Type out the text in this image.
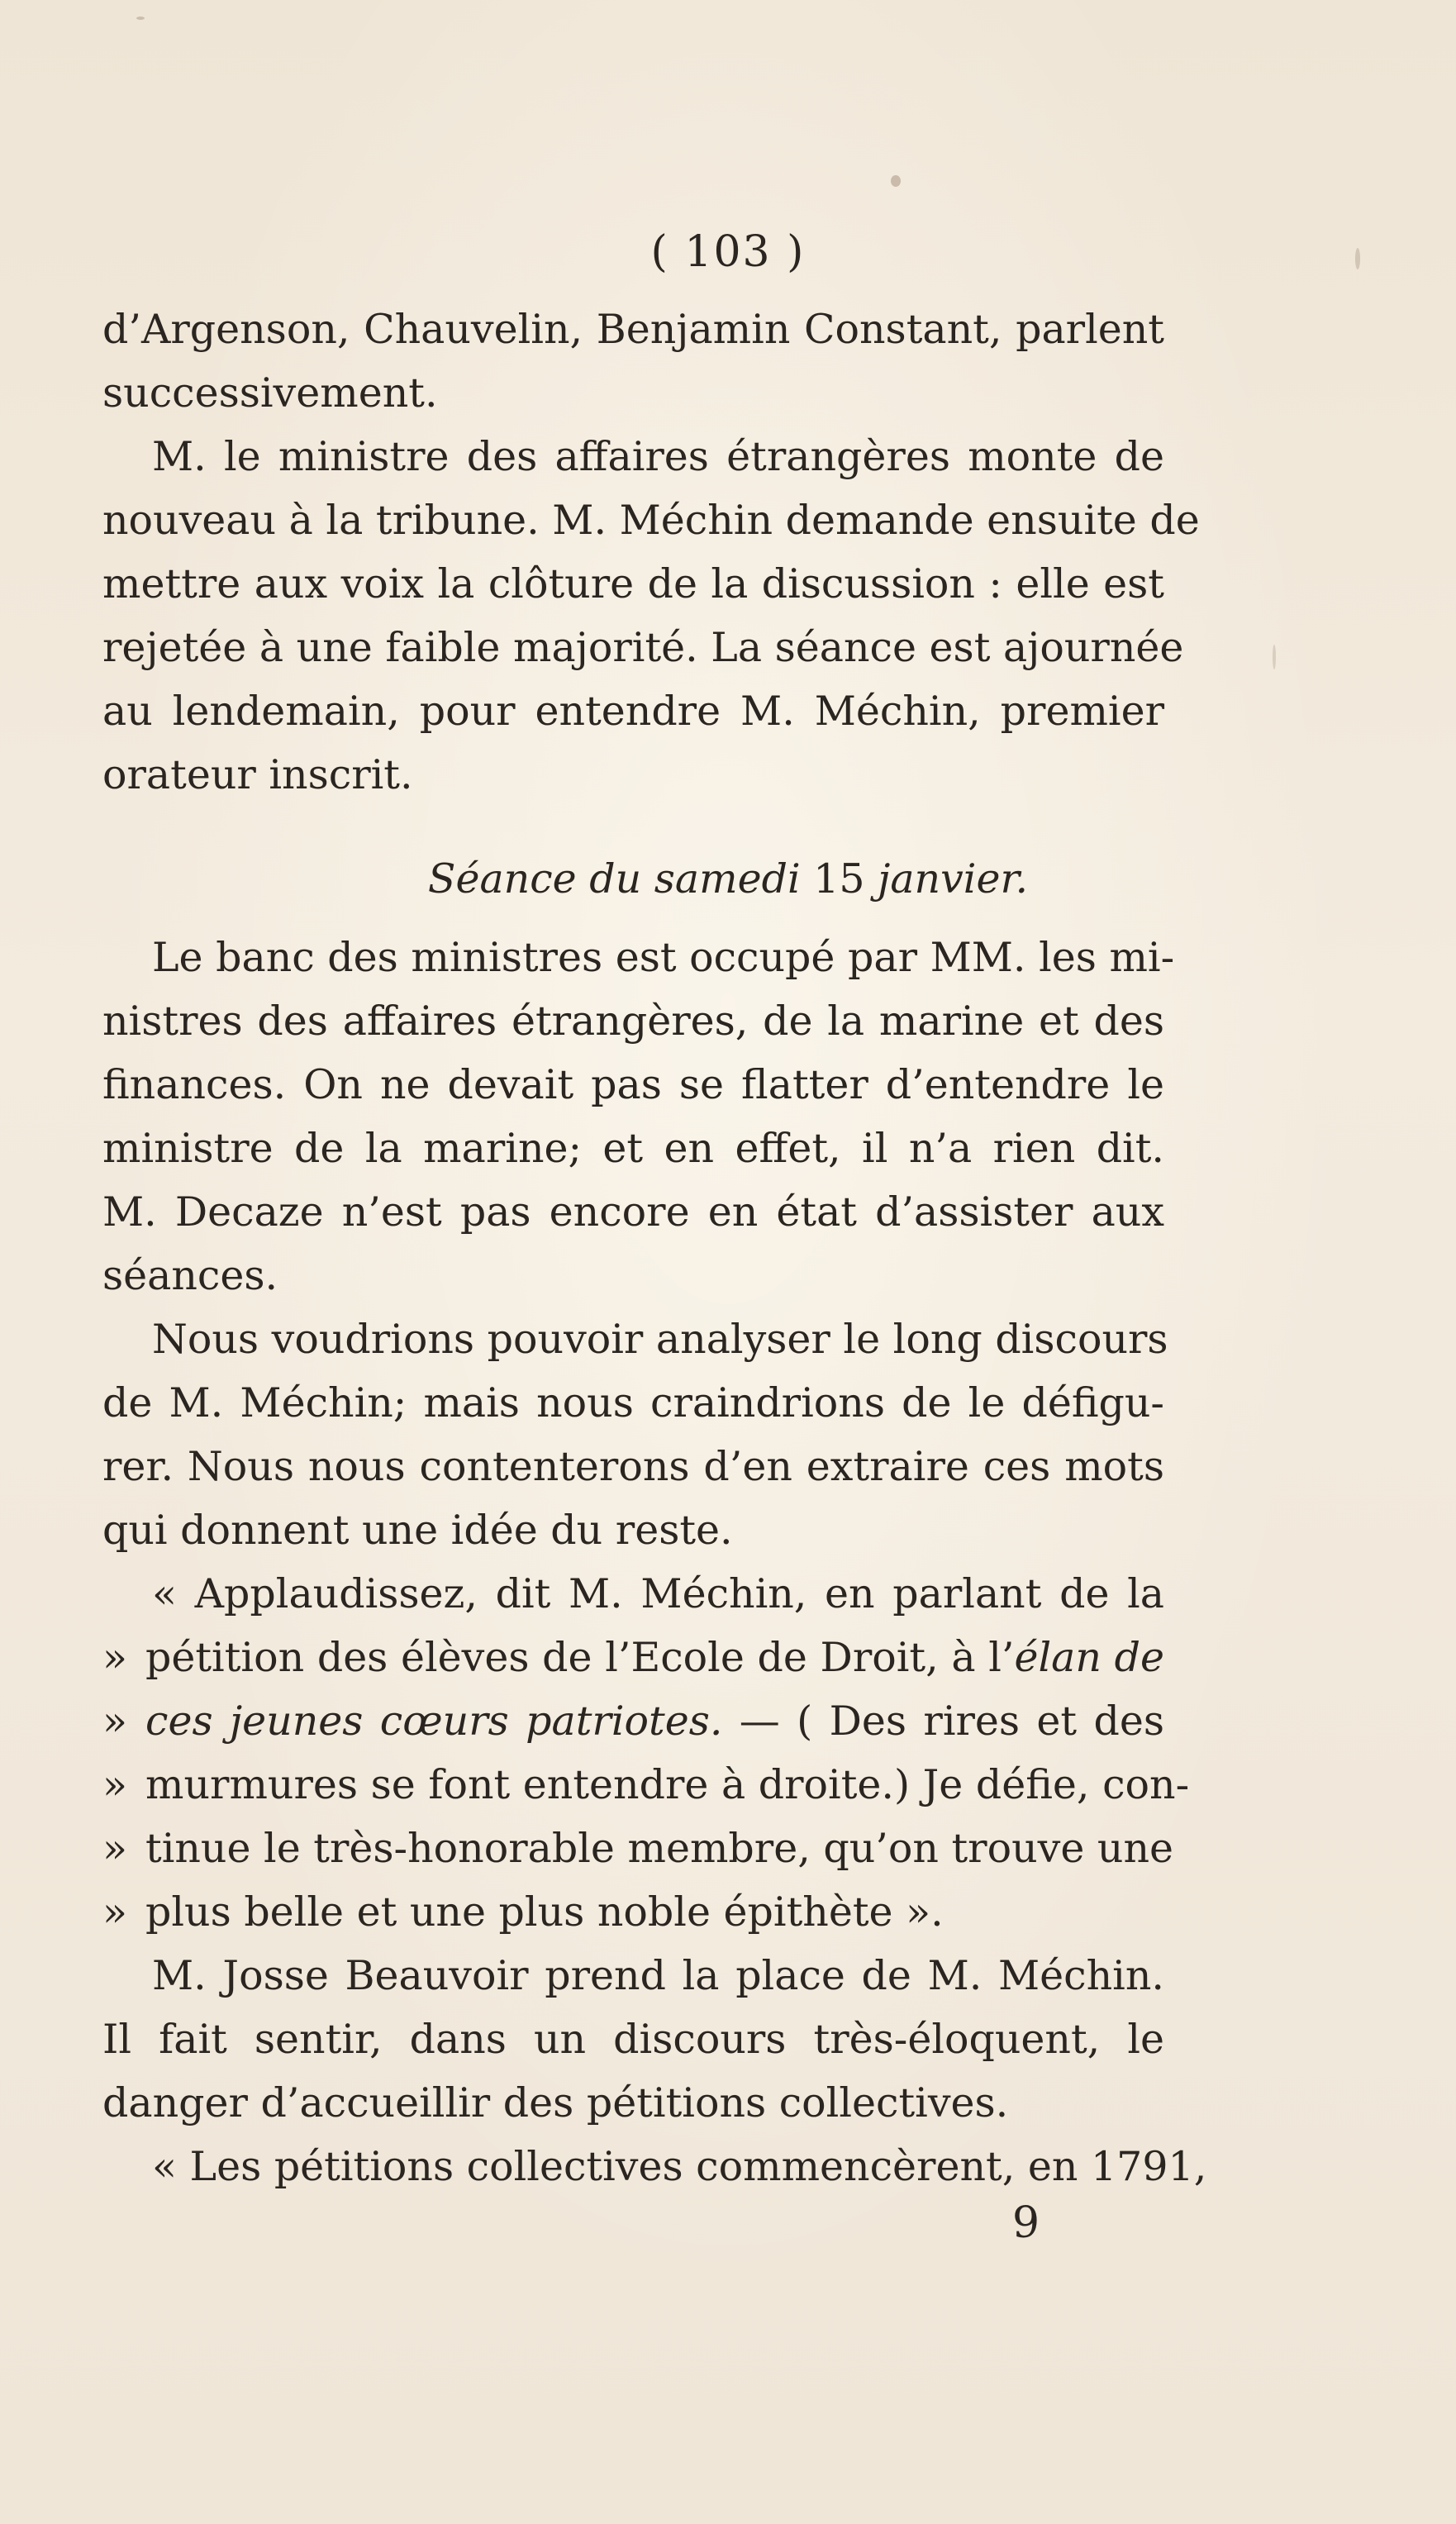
( 103 )
d’Argenson, Chauvelin, Benjamin Constant, parlent
successivement.
M. le ministre des affaires étrangères monte de
nouveau à la tribune. M. Méchin demande ensuite de
mettre aux voix la clôture de la discussion : elle est
rejetée à une faible majorité. La séance est ajournée
au lendemain, pour entendre M. Méchin, premier
orateur inscrit.
Séance du samedi 15 janvier.
Le banc des ministres est occupé par MM. les mi-
nistres des affaires étrangères, de la marine et des
finances. On ne devait pas se flatter d’entendre le
ministre de la marine; et en effet, il n’a rien dit.
M. Decaze n’est pas encore en état d’assister aux
séances.
Nous voudrions pouvoir analyser le long discours
de M. Méchin; mais nous craindrions de le défigu-
rer. Nous nous contenterons d’en extraire ces mots
qui donnent une idée du reste.
« Applaudissez, dit M. Méchin, en parlant de la
» pétition des élèves de l’Ecole de Droit, à l’élan de
» ces jeunes cœurs patriotes. — ( Des rires et des
» murmures se font entendre à droite.) Je défie, con-
» tinue le très-honorable membre, qu’on trouve une
» plus belle et une plus noble épithète ».
M. Josse Beauvoir prend la place de M. Méchin.
Il fait sentir, dans un discours très-éloquent, le
danger d’accueillir des pétitions collectives.
« Les pétitions collectives commencèrent, en 1791,
9
